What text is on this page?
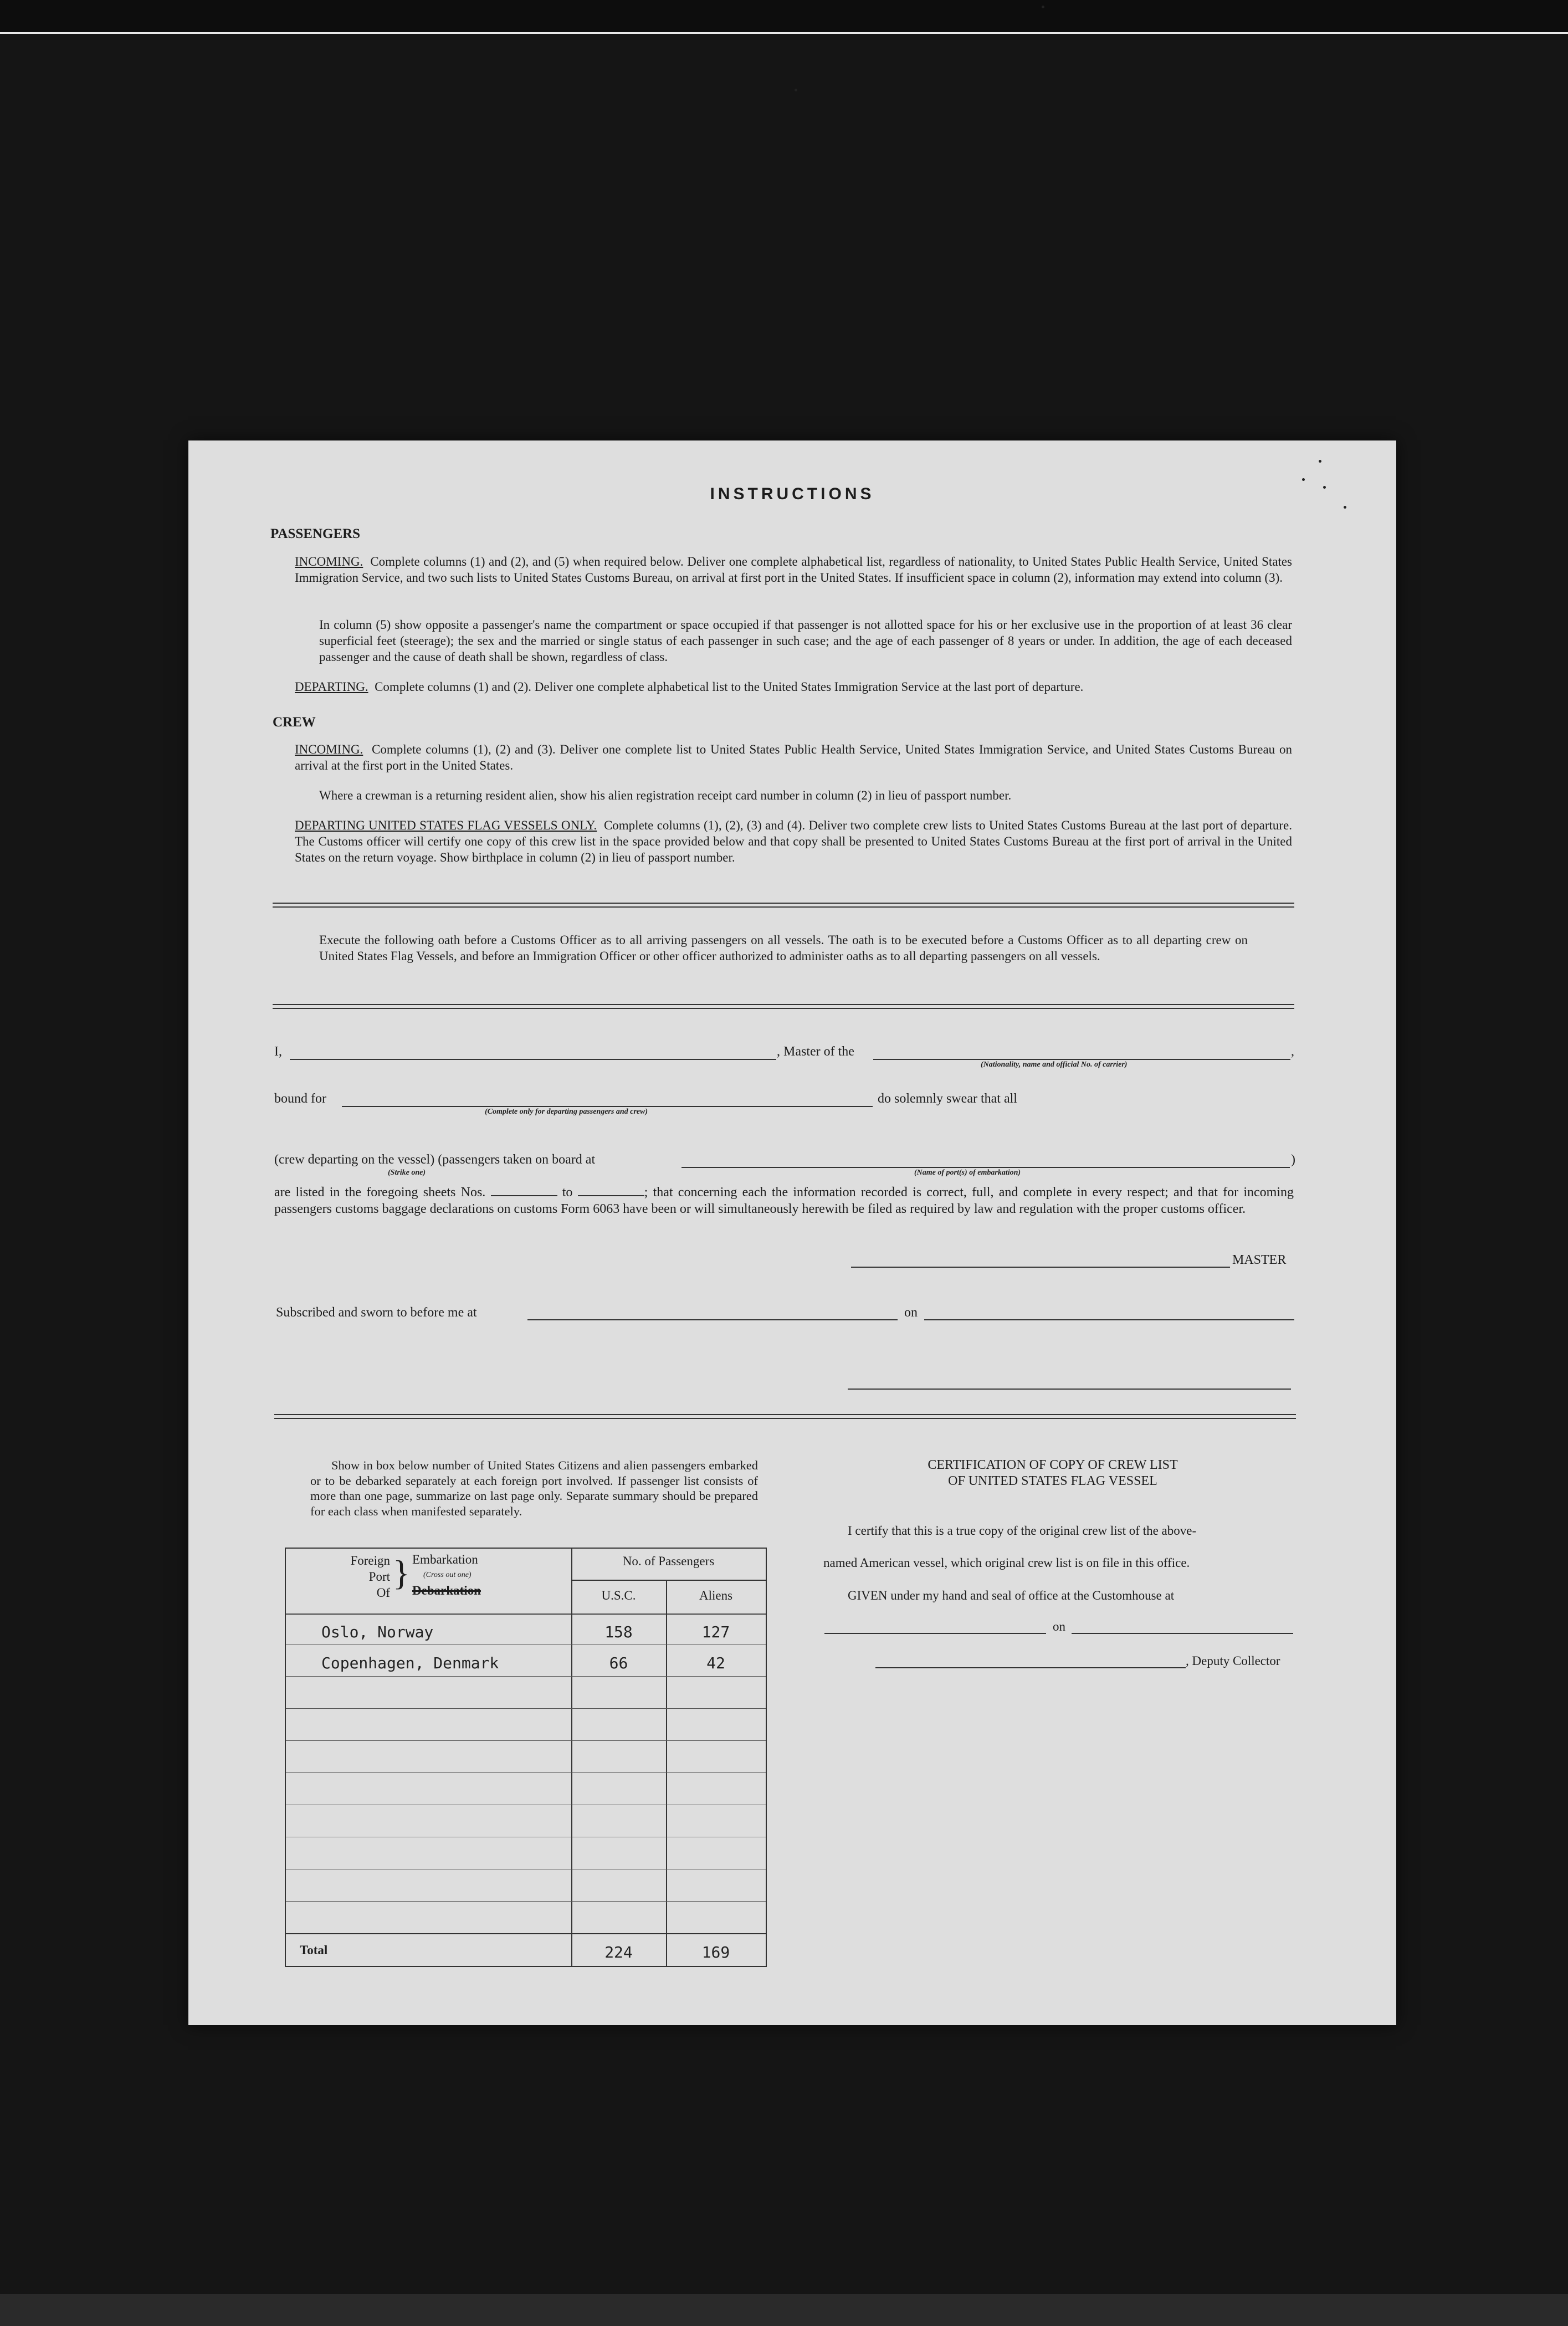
INSTRUCTIONS
PASSENGERS
INCOMING. Complete columns (1) and (2), and (5) when required below. Deliver one complete alphabetical list, regardless of nationality, to United States Public Health Service, United States Immigration Service, and two such lists to United States Customs Bureau, on arrival at first port in the United States. If insufficient space in column (2), information may extend into column (3).
In column (5) show opposite a passenger's name the compartment or space occupied if that passenger is not allotted space for his or her exclusive use in the proportion of at least 36 clear superficial feet (steerage); the sex and the married or single status of each passenger in such case; and the age of each passenger of 8 years or under. In addition, the age of each deceased passenger and the cause of death shall be shown, regardless of class.
DEPARTING. Complete columns (1) and (2). Deliver one complete alphabetical list to the United States Immigration Service at the last port of departure.
CREW
INCOMING. Complete columns (1), (2) and (3). Deliver one complete list to United States Public Health Service, United States Immigration Service, and United States Customs Bureau on arrival at the first port in the United States.
Where a crewman is a returning resident alien, show his alien registration receipt card number in column (2) in lieu of passport number.
DEPARTING UNITED STATES FLAG VESSELS ONLY. Complete columns (1), (2), (3) and (4). Deliver two complete crew lists to United States Customs Bureau at the last port of departure. The Customs officer will certify one copy of this crew list in the space provided below and that copy shall be presented to United States Customs Bureau at the first port of arrival in the United States on the return voyage. Show birthplace in column (2) in lieu of passport number.
Execute the following oath before a Customs Officer as to all arriving passengers on all vessels. The oath is to be executed before a Customs Officer as to all departing crew on United States Flag Vessels, and before an Immigration Officer or other officer authorized to administer oaths as to all departing passengers on all vessels.
I,	, Master of the	,
(Nationality, name and official No. of carrier)
bound for	do solemnly swear that all
(Complete only for departing passengers and crew)
(crew departing on the vessel) (passengers taken on board at	)
(Strike one)	(Name of port(s) of embarkation)
are listed in the foregoing sheets Nos.	to	; that concerning each the information recorded is correct, full, and complete in every respect; and that for incoming passengers customs baggage declarations on customs Form 6063 have been or will simultaneously herewith be filed as required by law and regulation with the proper customs officer.
MASTER
Subscribed and sworn to before me at	on
Show in box below number of United States Citizens and alien passengers embarked or to be debarked separately at each foreign port involved. If passenger list consists of more than one page, summarize on last page only. Separate summary should be prepared for each class when manifested separately.
Foreign
Port
Of
} Embarkation
(Cross out one)
Debarkation
No. of Passengers
U.S.C.	Aliens
Oslo, Norway	158	127
Copenhagen, Denmark	66	42
Total	224	169
CERTIFICATION OF COPY OF CREW LIST
OF UNITED STATES FLAG VESSEL
I certify that this is a true copy of the original crew list of the above-
named American vessel, which original crew list is on file in this office.
GIVEN under my hand and seal of office at the Customhouse at
on
, Deputy Collector
